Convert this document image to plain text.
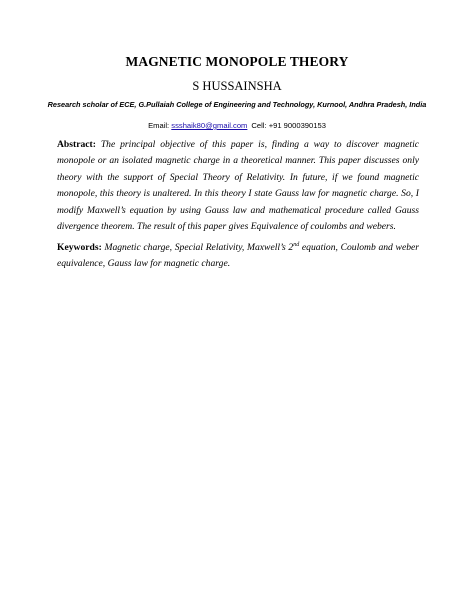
MAGNETIC MONOPOLE THEORY
S HUSSAINSHA
Research scholar of ECE, G.Pullaiah College of Engineering and Technology, Kurnool, Andhra Pradesh, India
Email: ssshaik80@gmail.com Cell: +91 9000390153
Abstract: The principal objective of this paper is, finding a way to discover magnetic monopole or an isolated magnetic charge in a theoretical manner. This paper discusses only theory with the support of Special Theory of Relativity. In future, if we found magnetic monopole, this theory is unaltered. In this theory I state Gauss law for magnetic charge. So, I modify Maxwell’s equation by using Gauss law and mathematical procedure called Gauss divergence theorem. The result of this paper gives Equivalence of coulombs and webers.
Keywords: Magnetic charge, Special Relativity, Maxwell’s 2nd equation, Coulomb and weber equivalence, Gauss law for magnetic charge.
